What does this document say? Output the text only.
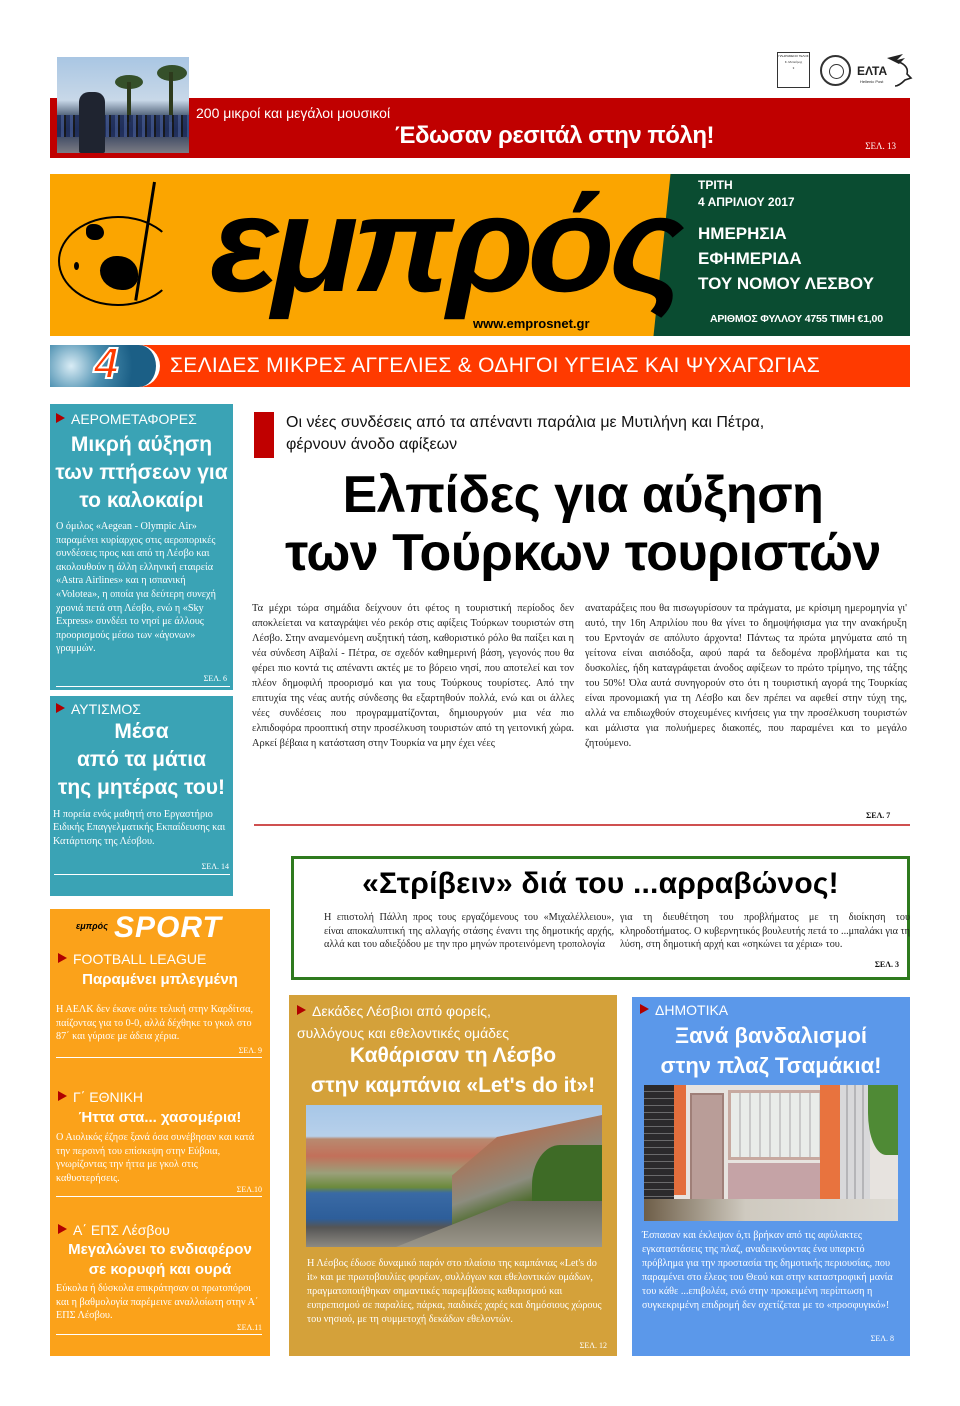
200 μικροί και μεγάλοι μουσικοί
Έδωσαν ρεσιτάλ στην πόλη!	ΣΕΛ. 13
ΠΛΗΡΩΜΕΝΟ ΤΕΛΟΣ
Κ. Μυτιλήνης
3	ΕΛΤΑ
Hellenic Post
εμπρός
www.emprosnet.gr
ΤΡΙΤΗ
4 ΑΠΡΙΛΙΟΥ 2017
ΗΜΕΡΗΣΙΑ
ΕΦΗΜΕΡΙΔΑ
ΤΟΥ ΝΟΜΟΥ ΛΕΣΒΟΥ
ΑΡΙΘΜΟΣ ΦΥΛΛΟΥ 4755 ΤΙΜΗ €1,00
4 ΣΕΛΙΔΕΣ ΜΙΚΡΕΣ ΑΓΓΕΛΙΕΣ & ΟΔΗΓΟΙ ΥΓΕΙΑΣ ΚΑΙ ΨΥΧΑΓΩΓΙΑΣ
ΑΕΡΟΜΕΤΑΦΟΡΕΣ
Μικρή αύξηση
των πτήσεων για
το καλοκαίρι
Ο όμιλος «Aegean - Olympic Air» παραμένει κυρίαρχος στις αεροπορικές συνδέσεις προς και από τη Λέσβο και ακολουθούν η άλλη ελληνική εταιρεία «Astra Airlines» και η ισπανική «Volotea», η οποία για δεύτερη συνεχή χρονιά πετά στη Λέσβο, ενώ η «Sky Express» συνδέει το νησί με άλλους προορισμούς μέσω των «άγονων» γραμμών.
ΣΕΛ. 6
ΑΥΤΙΣΜΟΣ
Μέσα
από τα μάτια
της μητέρας του!
Η πορεία ενός μαθητή στο Εργαστήριο Ειδικής Επαγγελματικής Εκπαίδευσης και Κατάρτισης της Λέσβου.
ΣΕΛ. 14
Οι νέες συνδέσεις από τα απέναντι παράλια με Μυτιλήνη και Πέτρα,
φέρνουν άνοδο αφίξεων
Ελπίδες για αύξηση
των Τούρκων τουριστών
Τα μέχρι τώρα σημάδια δείχνουν ότι φέτος η τουριστική περίοδος δεν αποκλείεται να καταγράψει νέο ρεκόρ στις αφίξεις Τούρκων τουριστών στη Λέσβο. Στην αναμενόμενη αυξητική τάση, καθοριστικό ρόλο θα παίξει και η νέα σύνδεση Αϊβαλί - Πέτρα, σε σχεδόν καθημερινή βάση, γεγονός που θα φέρει πιο κοντά τις απέναντι ακτές με το βόρειο νησί, που αποτελεί και τον πλέον δημοφιλή προορισμό και για τους Τούρκους τουρίστες. Από την επιτυχία της νέας αυτής σύνδεσης θα εξαρτηθούν πολλά, ενώ και οι άλλες νέες συνδέσεις που προγραμματίζονται, δημιουργούν μια νέα πιο ελπιδοφόρα προοπτική στην προσέλκυση τουριστών από τη γειτονική χώρα. Αρκεί βέβαια η κατάσταση στην Τουρκία να μην έχει νέες
αναταράξεις που θα πισωγυρίσουν τα πράγματα, με κρίσιμη ημερομηνία γι' αυτό, την 16η Απριλίου που θα γίνει το δημοψήφισμα για την ανακήρυξη του Ερντογάν σε απόλυτο άρχοντα! Πάντως τα πρώτα μηνύματα από τη γείτονα είναι αισιόδοξα, αφού παρά τα δεδομένα προβλήματα και τις δυσκολίες, ήδη καταγράφεται άνοδος αφίξεων το πρώτο τρίμηνο, της τάξης του 50%! Όλα αυτά συνηγορούν στο ότι η τουριστική αγορά της Τουρκίας είναι προνομιακή για τη Λέσβο και δεν πρέπει να αφεθεί στην τύχη της, αλλά να επιδιωχθούν στοχευμένες κινήσεις για την προσέλκυση τουριστών και μάλιστα για πολυήμερες διακοπές, που παραμένει και το μεγάλο ζητούμενο.
ΣΕΛ. 7
«Στρίβειν» διά του ...αρραβώνος!
Η επιστολή Πάλλη προς τους εργαζόμενους του «Μιχαλέλλειου», είναι αποκαλυπτική της αλλαγής στάσης έναντι της δημοτικής αρχής, αλλά και του αδιεξόδου με την προ μηνών προτεινόμενη τροπολογία
για τη διευθέτηση του προβλήματος με τη διοίκηση του κληροδοτήματος. Ο κυβερνητικός βουλευτής πετά το ...μπαλάκι για τη λύση, στη δημοτική αρχή και «σηκώνει τα χέρια» του.
ΣΕΛ. 3
εμπρός SPORT
FOOTBALL LEAGUE
Παραμένει μπλεγμένη
Η ΑΕΛΚ δεν έκανε ούτε τελική στην Καρδίτσα, παίζοντας για το 0-0, αλλά δέχθηκε το γκολ στο 87΄ και γύρισε με άδεια χέρια.
ΣΕΛ. 9
Γ΄ ΕΘΝΙΚΗ
Ήττα στα... χασομέρια!
Ο Αιολικός έζησε ξανά όσα συνέβησαν και κατά την περσινή του επίσκεψη στην Εύβοια, γνωρίζοντας την ήττα με γκολ στις καθυστερήσεις.
ΣΕΛ.10
Α΄ ΕΠΣ Λέσβου
Μεγαλώνει το ενδιαφέρον
σε κορυφή και ουρά
Εύκολα ή δύσκολα επικράτησαν οι πρωτοπόροι και η βαθμολογία παρέμεινε αναλλοίωτη στην Α΄ ΕΠΣ Λέσβου.
ΣΕΛ.11
Δεκάδες Λέσβιοι από φορείς,
συλλόγους και εθελοντικές ομάδες
Καθάρισαν τη Λέσβο
στην καμπάνια «Let's do it»!
Η Λέσβος έδωσε δυναμικό παρόν στο πλαίσιο της καμπάνιας «Let's do it» και με πρωτοβουλίες φορέων, συλλόγων και εθελοντικών ομάδων, πραγματοποιήθηκαν σημαντικές παρεμβάσεις καθαρισμού και ευπρεπισμού σε παραλίες, πάρκα, παιδικές χαρές και δημόσιους χώρους του νησιού, με τη συμμετοχή δεκάδων εθελοντών.
ΣΕΛ. 12
ΔΗΜΟΤΙΚΑ
Ξανά βανδαλισμοί
στην πλαζ Τσαμάκια!
Έσπασαν και έκλεψαν ό,τι βρήκαν από τις αφύλακτες εγκαταστάσεις της πλαζ, αναδεικνύοντας ένα υπαρκτό πρόβλημα για την προστασία της δημοτικής περιουσίας, που παραμένει στο έλεος του Θεού και στην καταστροφική μανία του κάθε ...επιβολέα, ενώ στην προκειμένη περίπτωση η συγκεκριμένη επιδρομή δεν σχετίζεται με το «προσφυγικό»!
ΣΕΛ. 8
